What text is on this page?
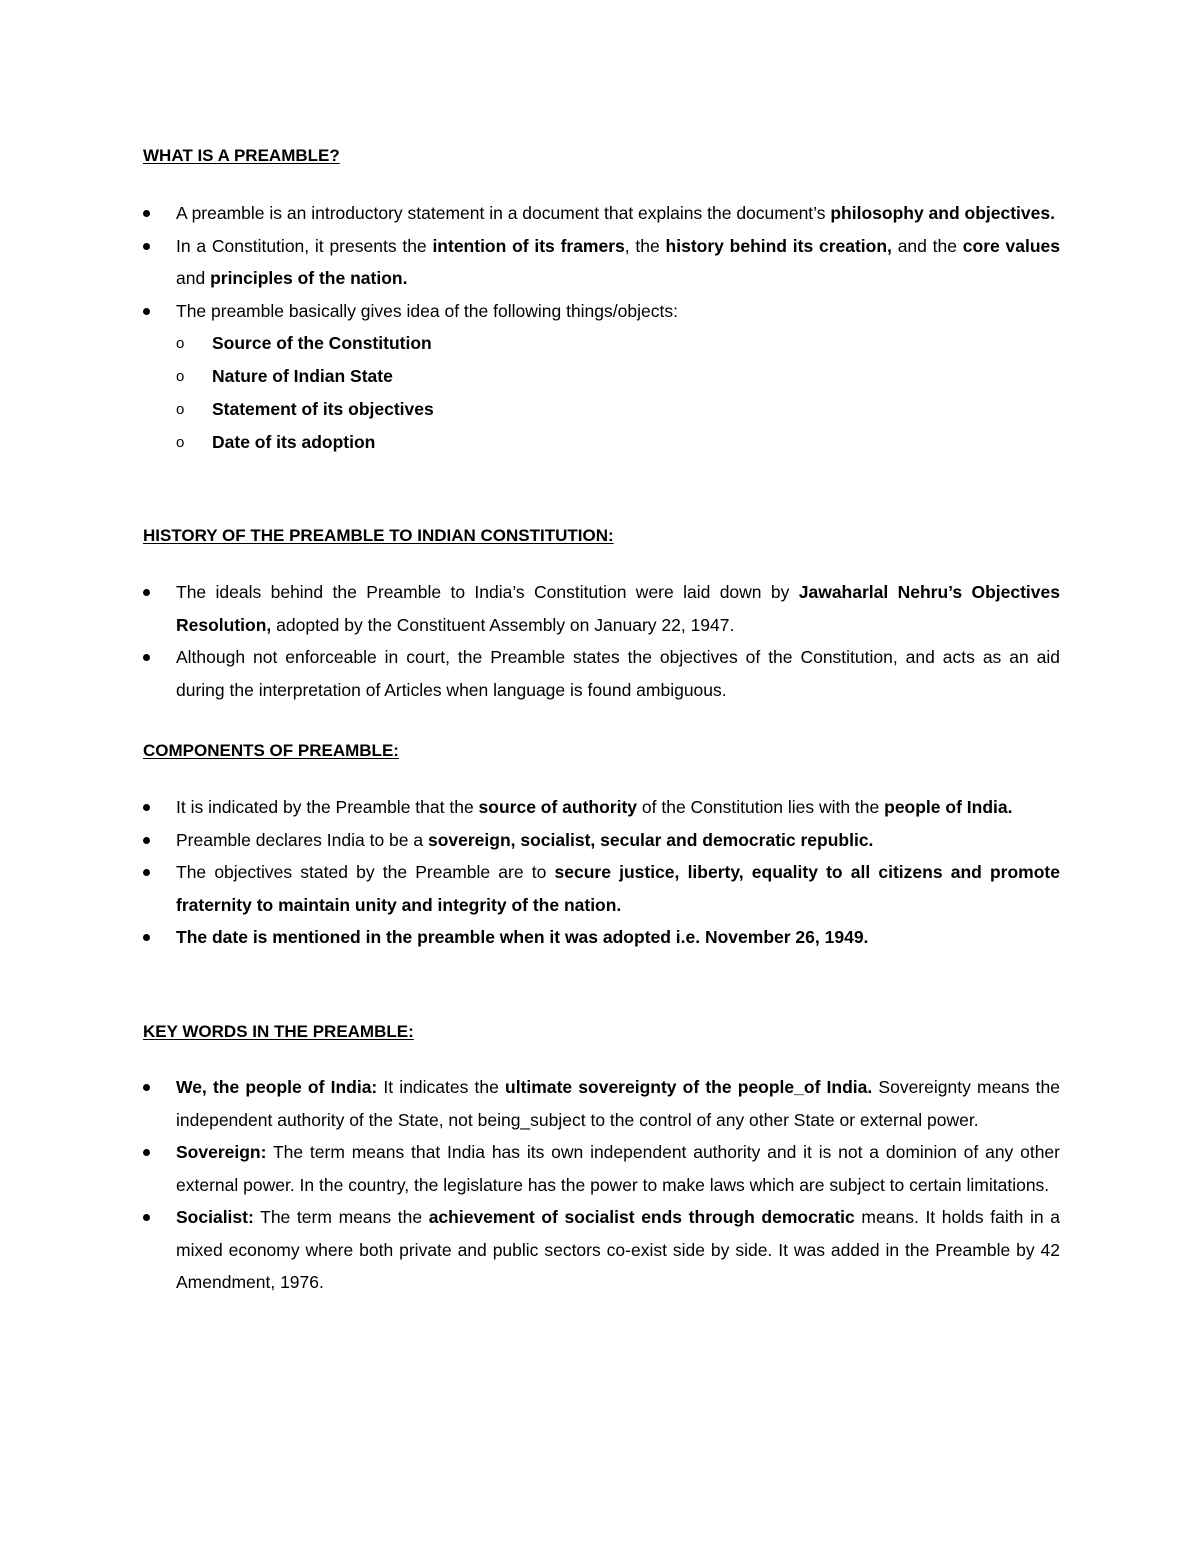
WHAT IS A PREAMBLE?
A preamble is an introductory statement in a document that explains the document’s philosophy and objectives.
In a Constitution, it presents the intention of its framers, the history behind its creation, and the core values and principles of the nation.
The preamble basically gives idea of the following things/objects:
o Source of the Constitution
o Nature of Indian State
o Statement of its objectives
o Date of its adoption
HISTORY OF THE PREAMBLE TO INDIAN CONSTITUTION:
The ideals behind the Preamble to India’s Constitution were laid down by Jawaharlal Nehru’s Objectives Resolution, adopted by the Constituent Assembly on January 22, 1947.
Although not enforceable in court, the Preamble states the objectives of the Constitution, and acts as an aid during the interpretation of Articles when language is found ambiguous.
COMPONENTS OF PREAMBLE:
It is indicated by the Preamble that the source of authority of the Constitution lies with the people of India.
Preamble declares India to be a sovereign, socialist, secular and democratic republic.
The objectives stated by the Preamble are to secure justice, liberty, equality to all citizens and promote fraternity to maintain unity and integrity of the nation.
The date is mentioned in the preamble when it was adopted i.e. November 26, 1949.
KEY WORDS IN THE PREAMBLE:
We, the people of India: It indicates the ultimate sovereignty of the people_of India. Sovereignty means the independent authority of the State, not being_subject to the control of any other State or external power.
Sovereign: The term means that India has its own independent authority and it is not a dominion of any other external power. In the country, the legislature has the power to make laws which are subject to certain limitations.
Socialist: The term means the achievement of socialist ends through democratic means. It holds faith in a mixed economy where both private and public sectors co-exist side by side. It was added in the Preamble by 42 Amendment, 1976.
